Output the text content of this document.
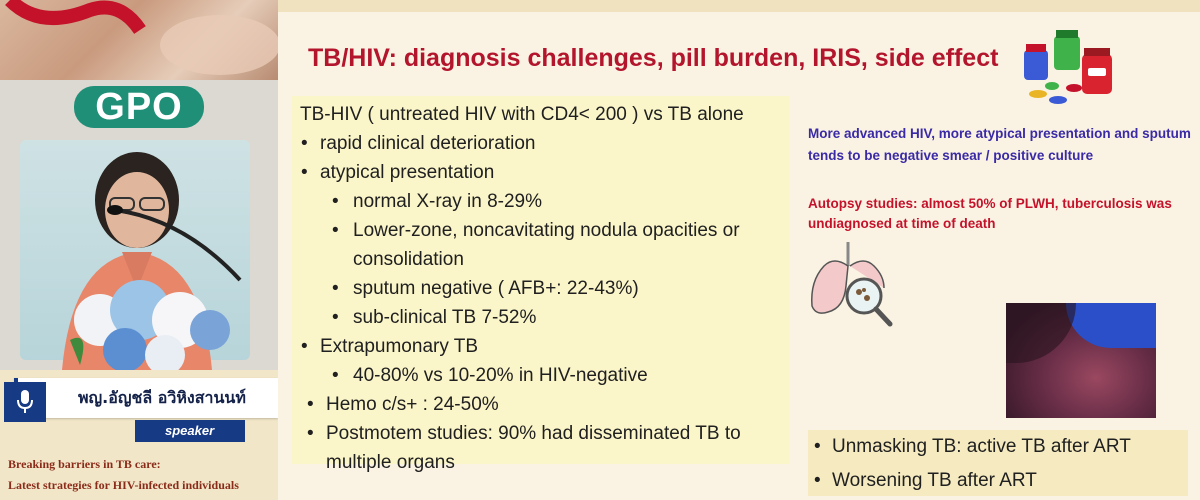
GPO
พญ.อัญชลี อวิหิงสานนท์
speaker
Breaking barriers in TB care:
Latest strategies for HIV-infected individuals
TB/HIV: diagnosis challenges, pill burden, IRIS, side effect
TB-HIV ( untreated HIV with CD4< 200 ) vs TB alone
• rapid clinical deterioration
• atypical presentation
• normal X-ray in 8-29%
• Lower-zone, noncavitating nodula opacities or consolidation
• sputum negative ( AFB+: 22-43%)
• sub-clinical TB 7-52%
• Extrapumonary TB
• 40-80% vs 10-20% in HIV-negative
• Hemo c/s+ : 24-50%
• Postmotem studies: 90% had disseminated TB to multiple organs
More advanced HIV, more atypical presentation and sputum tends to be negative smear / positive culture
Autopsy studies: almost 50% of PLWH, tuberculosis was undiagnosed at time of death
• Unmasking TB: active TB after ART
• Worsening TB after ART
